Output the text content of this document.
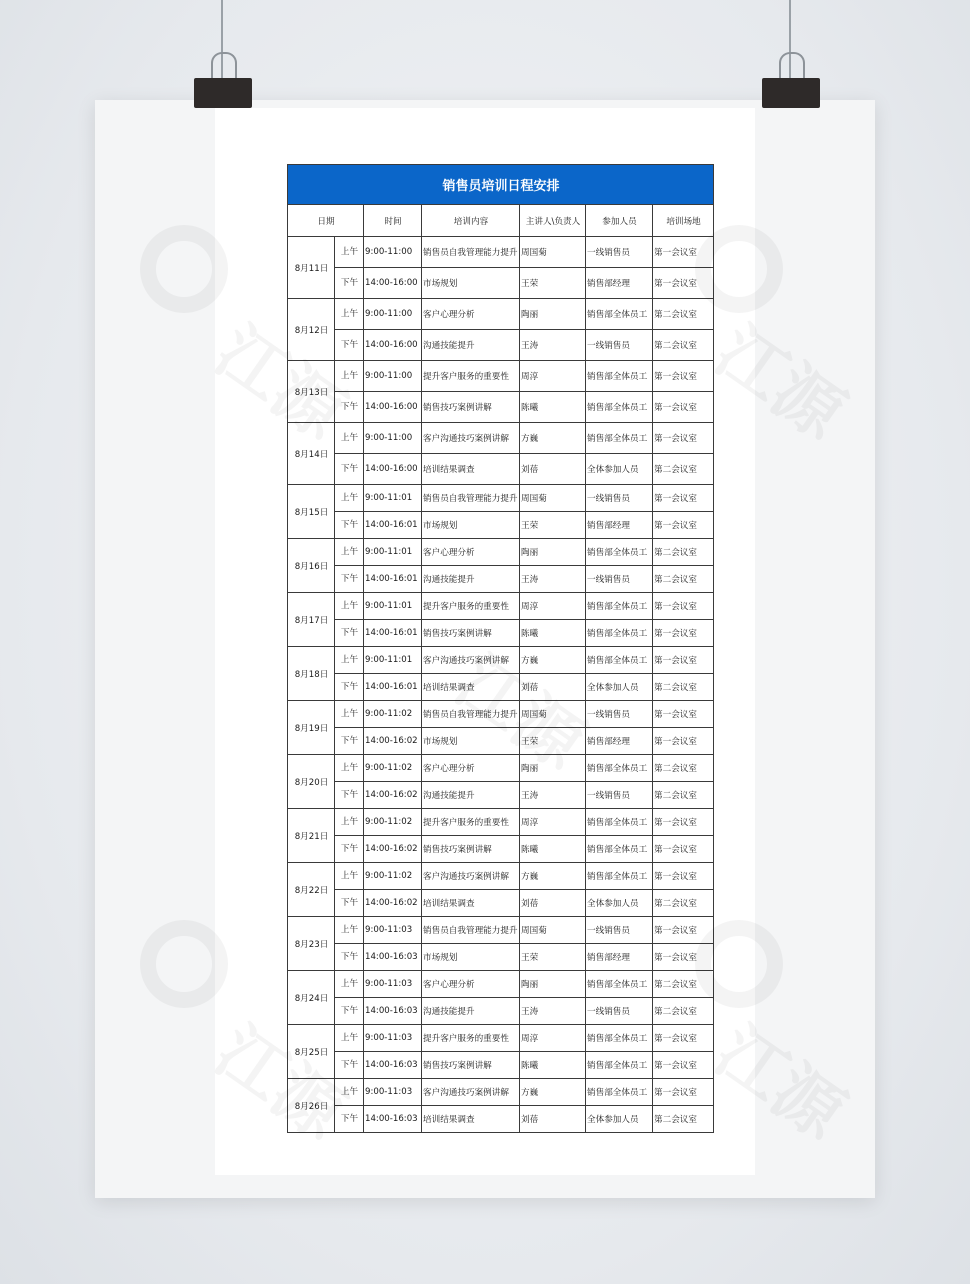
销售员培训日程安排						
日期		时间	培训内容	主讲人\负责人	参加人员	培训场地
8月11日	上午	9:00-11:00	销售员自我管理能力提升	周国菊	一线销售员	第一会议室
	下午	14:00-16:00	市场规划	王荣	销售部经理	第一会议室
8月12日	上午	9:00-11:00	客户心理分析	陶丽	销售部全体员工	第二会议室
	下午	14:00-16:00	沟通技能提升	王涛	一线销售员	第二会议室
8月13日	上午	9:00-11:00	提升客户服务的重要性	周淳	销售部全体员工	第一会议室
	下午	14:00-16:00	销售技巧案例讲解	陈曦	销售部全体员工	第一会议室
8月14日	上午	9:00-11:00	客户沟通技巧案例讲解	方巍	销售部全体员工	第一会议室
	下午	14:00-16:00	培训结果调查	刘蓓	全体参加人员	第二会议室
8月15日	上午	9:00-11:01	销售员自我管理能力提升	周国菊	一线销售员	第一会议室
	下午	14:00-16:01	市场规划	王荣	销售部经理	第一会议室
8月16日	上午	9:00-11:01	客户心理分析	陶丽	销售部全体员工	第二会议室
	下午	14:00-16:01	沟通技能提升	王涛	一线销售员	第二会议室
8月17日	上午	9:00-11:01	提升客户服务的重要性	周淳	销售部全体员工	第一会议室
	下午	14:00-16:01	销售技巧案例讲解	陈曦	销售部全体员工	第一会议室
8月18日	上午	9:00-11:01	客户沟通技巧案例讲解	方巍	销售部全体员工	第一会议室
	下午	14:00-16:01	培训结果调查	刘蓓	全体参加人员	第二会议室
8月19日	上午	9:00-11:02	销售员自我管理能力提升	周国菊	一线销售员	第一会议室
	下午	14:00-16:02	市场规划	王荣	销售部经理	第一会议室
8月20日	上午	9:00-11:02	客户心理分析	陶丽	销售部全体员工	第二会议室
	下午	14:00-16:02	沟通技能提升	王涛	一线销售员	第二会议室
8月21日	上午	9:00-11:02	提升客户服务的重要性	周淳	销售部全体员工	第一会议室
	下午	14:00-16:02	销售技巧案例讲解	陈曦	销售部全体员工	第一会议室
8月22日	上午	9:00-11:02	客户沟通技巧案例讲解	方巍	销售部全体员工	第一会议室
	下午	14:00-16:02	培训结果调查	刘蓓	全体参加人员	第二会议室
8月23日	上午	9:00-11:03	销售员自我管理能力提升	周国菊	一线销售员	第一会议室
	下午	14:00-16:03	市场规划	王荣	销售部经理	第一会议室
8月24日	上午	9:00-11:03	客户心理分析	陶丽	销售部全体员工	第二会议室
	下午	14:00-16:03	沟通技能提升	王涛	一线销售员	第二会议室
8月25日	上午	9:00-11:03	提升客户服务的重要性	周淳	销售部全体员工	第一会议室
	下午	14:00-16:03	销售技巧案例讲解	陈曦	销售部全体员工	第一会议室
8月26日	上午	9:00-11:03	客户沟通技巧案例讲解	方巍	销售部全体员工	第一会议室
	下午	14:00-16:03	培训结果调查	刘蓓	全体参加人员	第二会议室
